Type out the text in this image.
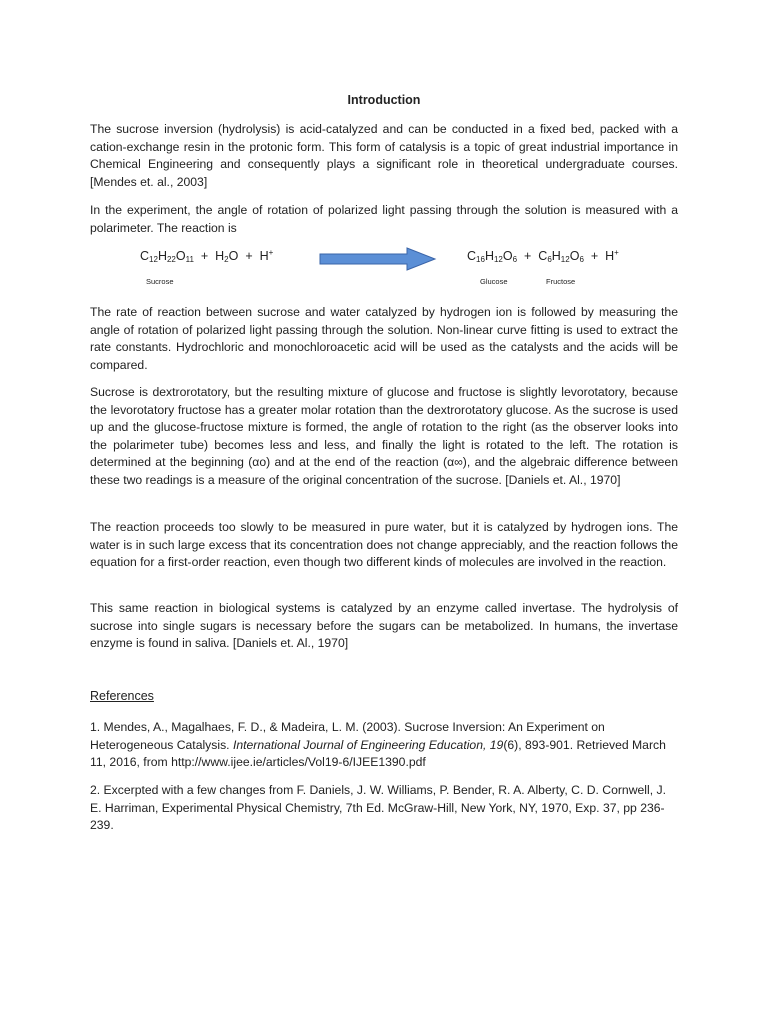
Introduction
The sucrose inversion (hydrolysis) is acid-catalyzed and can be conducted in a fixed bed, packed with a cation-exchange resin in the protonic form. This form of catalysis is a topic of great industrial importance in Chemical Engineering and consequently plays a significant role in theoretical undergraduate courses. [Mendes et. al., 2003]
In the experiment, the angle of rotation of polarized light passing through the solution is measured with a polarimeter. The reaction is
$C_{12}H_{22}O_{11} + H_2O + H^+$	$C_{16}H_{12}O_6 + C_6H_{12}O_6 + H^+$
Sucrose	Glucose	Fructose
The rate of reaction between sucrose and water catalyzed by hydrogen ion is followed by measuring the angle of rotation of polarized light passing through the solution. Non-linear curve fitting is used to extract the rate constants. Hydrochloric and monochloroacetic acid will be used as the catalysts and the acids will be compared.
Sucrose is dextrorotatory, but the resulting mixture of glucose and fructose is slightly levorotatory, because the levorotatory fructose has a greater molar rotation than the dextrorotatory glucose. As the sucrose is used up and the glucose-fructose mixture is formed, the angle of rotation to the right (as the observer looks into the polarimeter tube) becomes less and less, and finally the light is rotated to the left. The rotation is determined at the beginning (αo) and at the end of the reaction (α∞), and the algebraic difference between these two readings is a measure of the original concentration of the sucrose. [Daniels et. Al., 1970]
The reaction proceeds too slowly to be measured in pure water, but it is catalyzed by hydrogen ions. The water is in such large excess that its concentration does not change appreciably, and the reaction follows the equation for a first-order reaction, even though two different kinds of molecules are involved in the reaction.
This same reaction in biological systems is catalyzed by an enzyme called invertase. The hydrolysis of sucrose into single sugars is necessary before the sugars can be metabolized. In humans, the invertase enzyme is found in saliva. [Daniels et. Al., 1970]
References
1. Mendes, A., Magalhaes, F. D., & Madeira, L. M. (2003). Sucrose Inversion: An Experiment on Heterogeneous Catalysis. International Journal of Engineering Education, 19(6), 893-901. Retrieved March 11, 2016, from http://www.ijee.ie/articles/Vol19-6/IJEE1390.pdf
2. Excerpted with a few changes from F. Daniels, J. W. Williams, P. Bender, R. A. Alberty, C. D. Cornwell, J. E. Harriman, Experimental Physical Chemistry, 7th Ed. McGraw-Hill, New York, NY, 1970, Exp. 37, pp 236-239.
